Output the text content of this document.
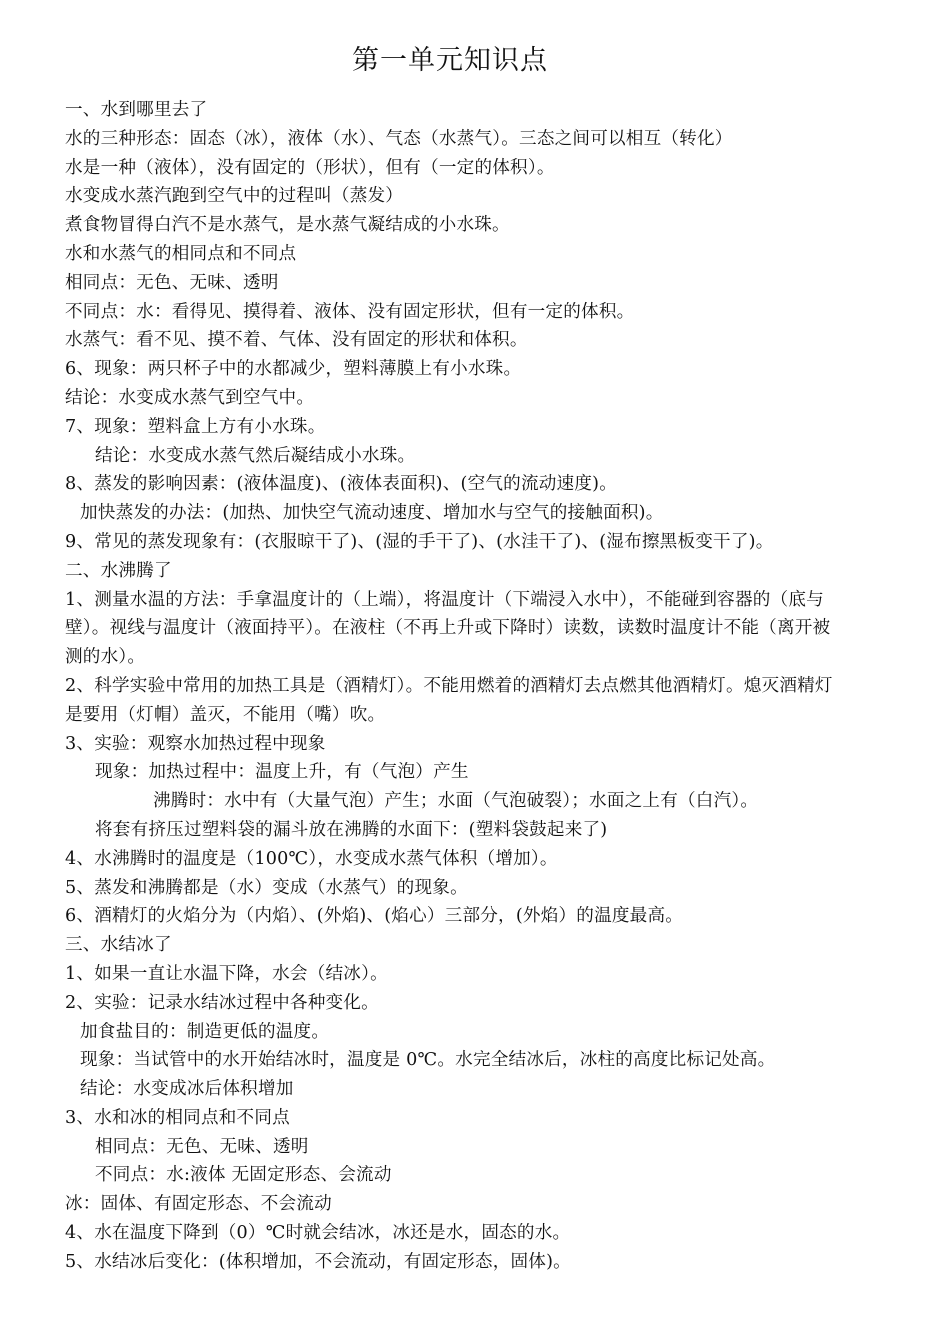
第一单元知识点
一、水到哪里去了
水的三种形态：固态（冰），液体（水）、气态（水蒸气）。三态之间可以相互（转化）
水是一种（液体），没有固定的（形状），但有（一定的体积）。
水变成水蒸汽跑到空气中的过程叫（蒸发）
煮食物冒得白汽不是水蒸气，是水蒸气凝结成的小水珠。
水和水蒸气的相同点和不同点
相同点：无色、无味、透明
不同点：水：看得见、摸得着、液体、没有固定形状，但有一定的体积。
水蒸气：看不见、摸不着、气体、没有固定的形状和体积。
6、现象：两只杯子中的水都减少，塑料薄膜上有小水珠。
结论：水变成水蒸气到空气中。
7、现象：塑料盒上方有小水珠。
结论：水变成水蒸气然后凝结成小水珠。
8、蒸发的影响因素：(液体温度)、(液体表面积)、(空气的流动速度)。
加快蒸发的办法：(加热、加快空气流动速度、增加水与空气的接触面积)。
9、常见的蒸发现象有：(衣服晾干了)、(湿的手干了)、(水洼干了)、(湿布擦黑板变干了)。
二、水沸腾了
1、测量水温的方法：手拿温度计的（上端），将温度计（下端浸入水中），不能碰到容器的（底与
壁）。视线与温度计（液面持平）。在液柱（不再上升或下降时）读数，读数时温度计不能（离开被
测的水）。
2、科学实验中常用的加热工具是（酒精灯）。不能用燃着的酒精灯去点燃其他酒精灯。熄灭酒精灯
是要用（灯帽）盖灭，不能用（嘴）吹。
3、实验：观察水加热过程中现象
现象：加热过程中：温度上升，有（气泡）产生
沸腾时：水中有（大量气泡）产生；水面（气泡破裂）；水面之上有（白汽）。
将套有挤压过塑料袋的漏斗放在沸腾的水面下：(塑料袋鼓起来了)
4、水沸腾时的温度是（100℃），水变成水蒸气体积（增加）。
5、蒸发和沸腾都是（水）变成（水蒸气）的现象。
6、酒精灯的火焰分为（内焰）、(外焰)、(焰心）三部分，(外焰）的温度最高。
三、水结冰了
1、如果一直让水温下降，水会（结冰）。
2、实验：记录水结冰过程中各种变化。
加食盐目的：制造更低的温度。
现象：当试管中的水开始结冰时，温度是 0℃。水完全结冰后，冰柱的高度比标记处高。
结论：水变成冰后体积增加
3、水和冰的相同点和不同点
相同点：无色、无味、透明
不同点：水:液体 无固定形态、会流动
冰：固体、有固定形态、不会流动
4、水在温度下降到（0）℃时就会结冰，冰还是水，固态的水。
5、水结冰后变化：(体积增加，不会流动，有固定形态，固体)。
